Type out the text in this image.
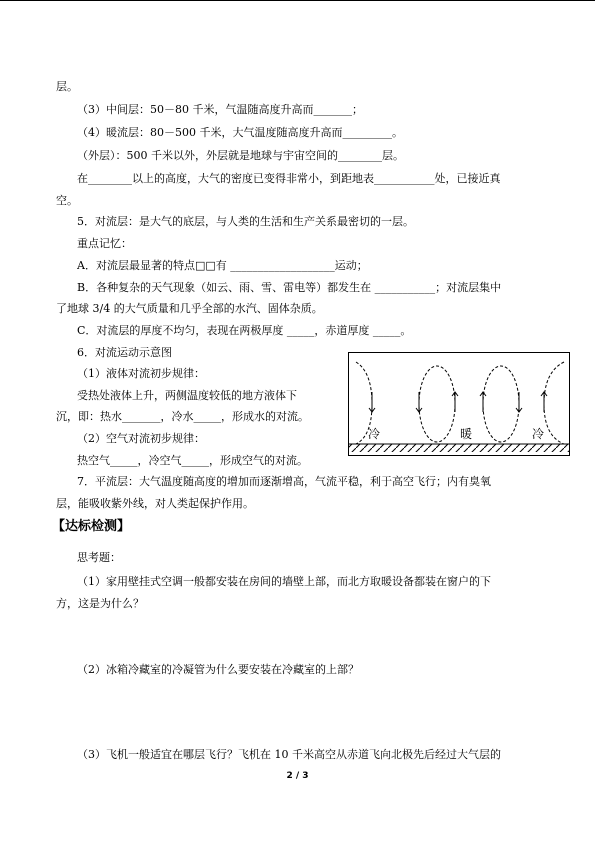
层。
（3）中间层：50－80 千米，气温随高度升高而_______；
（4）暖流层：80－500 千米，大气温度随高度升高而_________。
（外层）：500 千米以外，外层就是地球与宇宙空间的________层。
在________以上的高度，大气的密度已变得非常小，到距地表___________处，已接近真
空。
5．对流层：是大气的底层，与人类的生活和生产关系最密切的一层。
重点记忆：
A．对流层最显著的特点□□有 ___________________运动；
B．各种复杂的天气现象（如云、雨、雪、雷电等）都发生在 ___________；对流层集中
了地球 3/4 的大气质量和几乎全部的水汽、固体杂质。
C．对流层的厚度不均匀，表现在两极厚度 _____，赤道厚度 _____。
6．对流运动示意图
（1）液体对流初步规律：
受热处液体上升，两侧温度较低的地方液体下
沉，即：热水_______，冷水_____，形成水的对流。
（2）空气对流初步规律：
热空气_____，冷空气_____，形成空气的对流。
7．平流层：大气温度随高度的增加而逐渐增高，气流平稳，利于高空飞行；内有臭氧
层，能吸收紫外线，对人类起保护作用。
【达标检测】
思考题：
（1）家用壁挂式空调一般都安装在房间的墙壁上部，而北方取暖设备都装在窗户的下
方，这是为什么？
（2）冰箱冷藏室的冷凝管为什么要安装在冷藏室的上部？
（3）飞机一般适宜在哪层飞行？飞机在 10 千米高空从赤道飞向北极先后经过大气层的
冷	暖	冷
2 / 3
